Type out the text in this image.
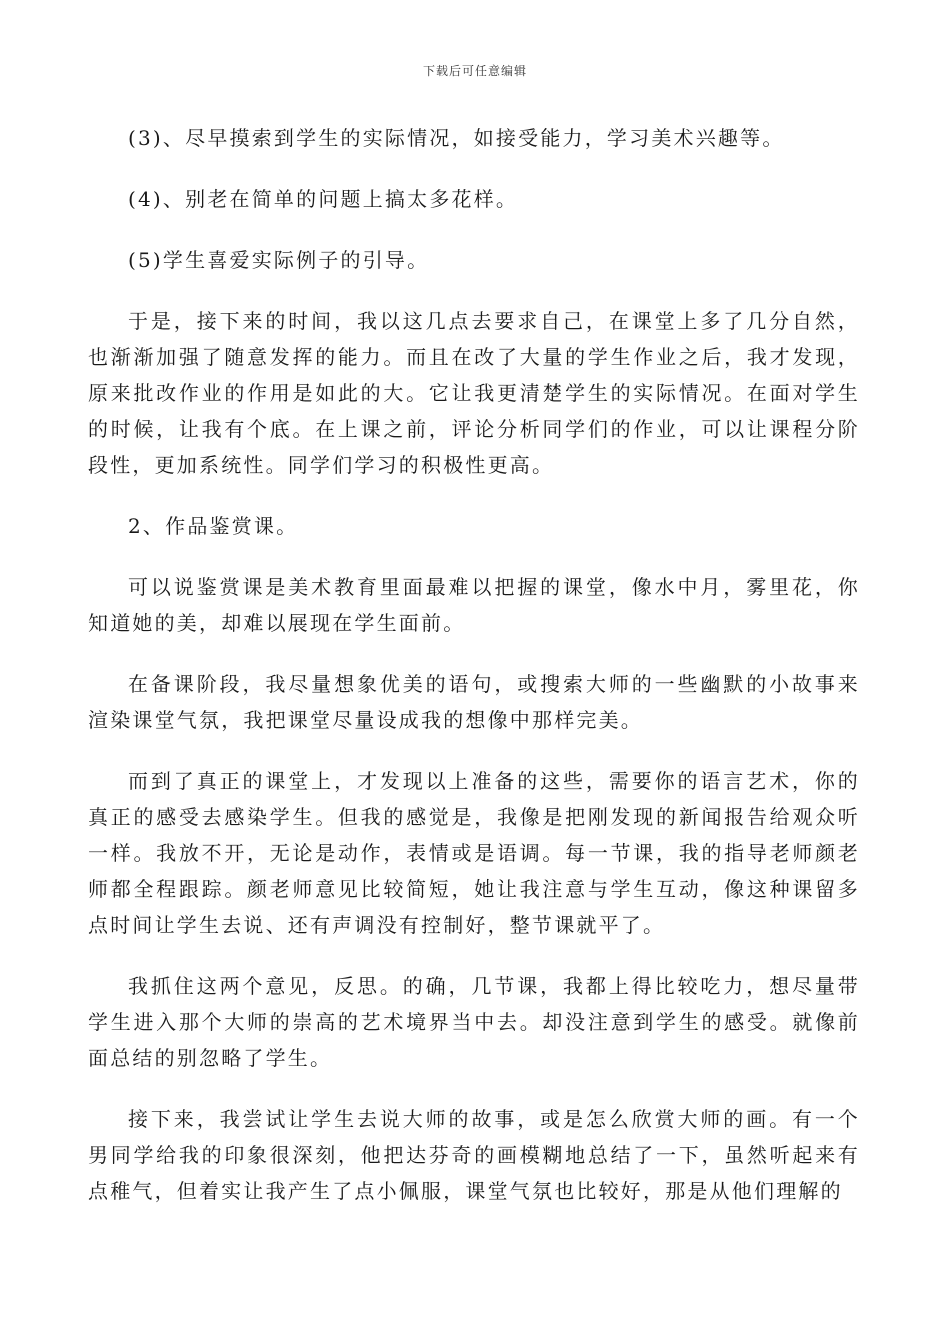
下载后可任意编辑

(3)、尽早摸索到学生的实际情况，如接受能力，学习美术兴趣等。

(4)、别老在简单的问题上搞太多花样。

(5)学生喜爱实际例子的引导。

于是，接下来的时间，我以这几点去要求自己，在课堂上多了几分自然，也渐渐加强了随意发挥的能力。而且在改了大量的学生作业之后，我才发现，原来批改作业的作用是如此的大。它让我更清楚学生的实际情况。在面对学生的时候，让我有个底。在上课之前，评论分析同学们的作业，可以让课程分阶段性，更加系统性。同学们学习的积极性更高。

2、作品鉴赏课。

可以说鉴赏课是美术教育里面最难以把握的课堂，像水中月，雾里花，你知道她的美，却难以展现在学生面前。

在备课阶段，我尽量想象优美的语句，或搜索大师的一些幽默的小故事来渲染课堂气氛，我把课堂尽量设成我的想像中那样完美。

而到了真正的课堂上，才发现以上准备的这些，需要你的语言艺术，你的真正的感受去感染学生。但我的感觉是，我像是把刚发现的新闻报告给观众听一样。我放不开，无论是动作，表情或是语调。每一节课，我的指导老师颜老师都全程跟踪。颜老师意见比较简短，她让我注意与学生互动，像这种课留多点时间让学生去说、还有声调没有控制好，整节课就平了。

我抓住这两个意见，反思。的确，几节课，我都上得比较吃力，想尽量带学生进入那个大师的崇高的艺术境界当中去。却没注意到学生的感受。就像前面总结的别忽略了学生。

接下来，我尝试让学生去说大师的故事，或是怎么欣赏大师的画。有一个男同学给我的印象很深刻，他把达芬奇的画模糊地总结了一下，虽然听起来有点稚气，但着实让我产生了点小佩服，课堂气氛也比较好，那是从他们理解的
